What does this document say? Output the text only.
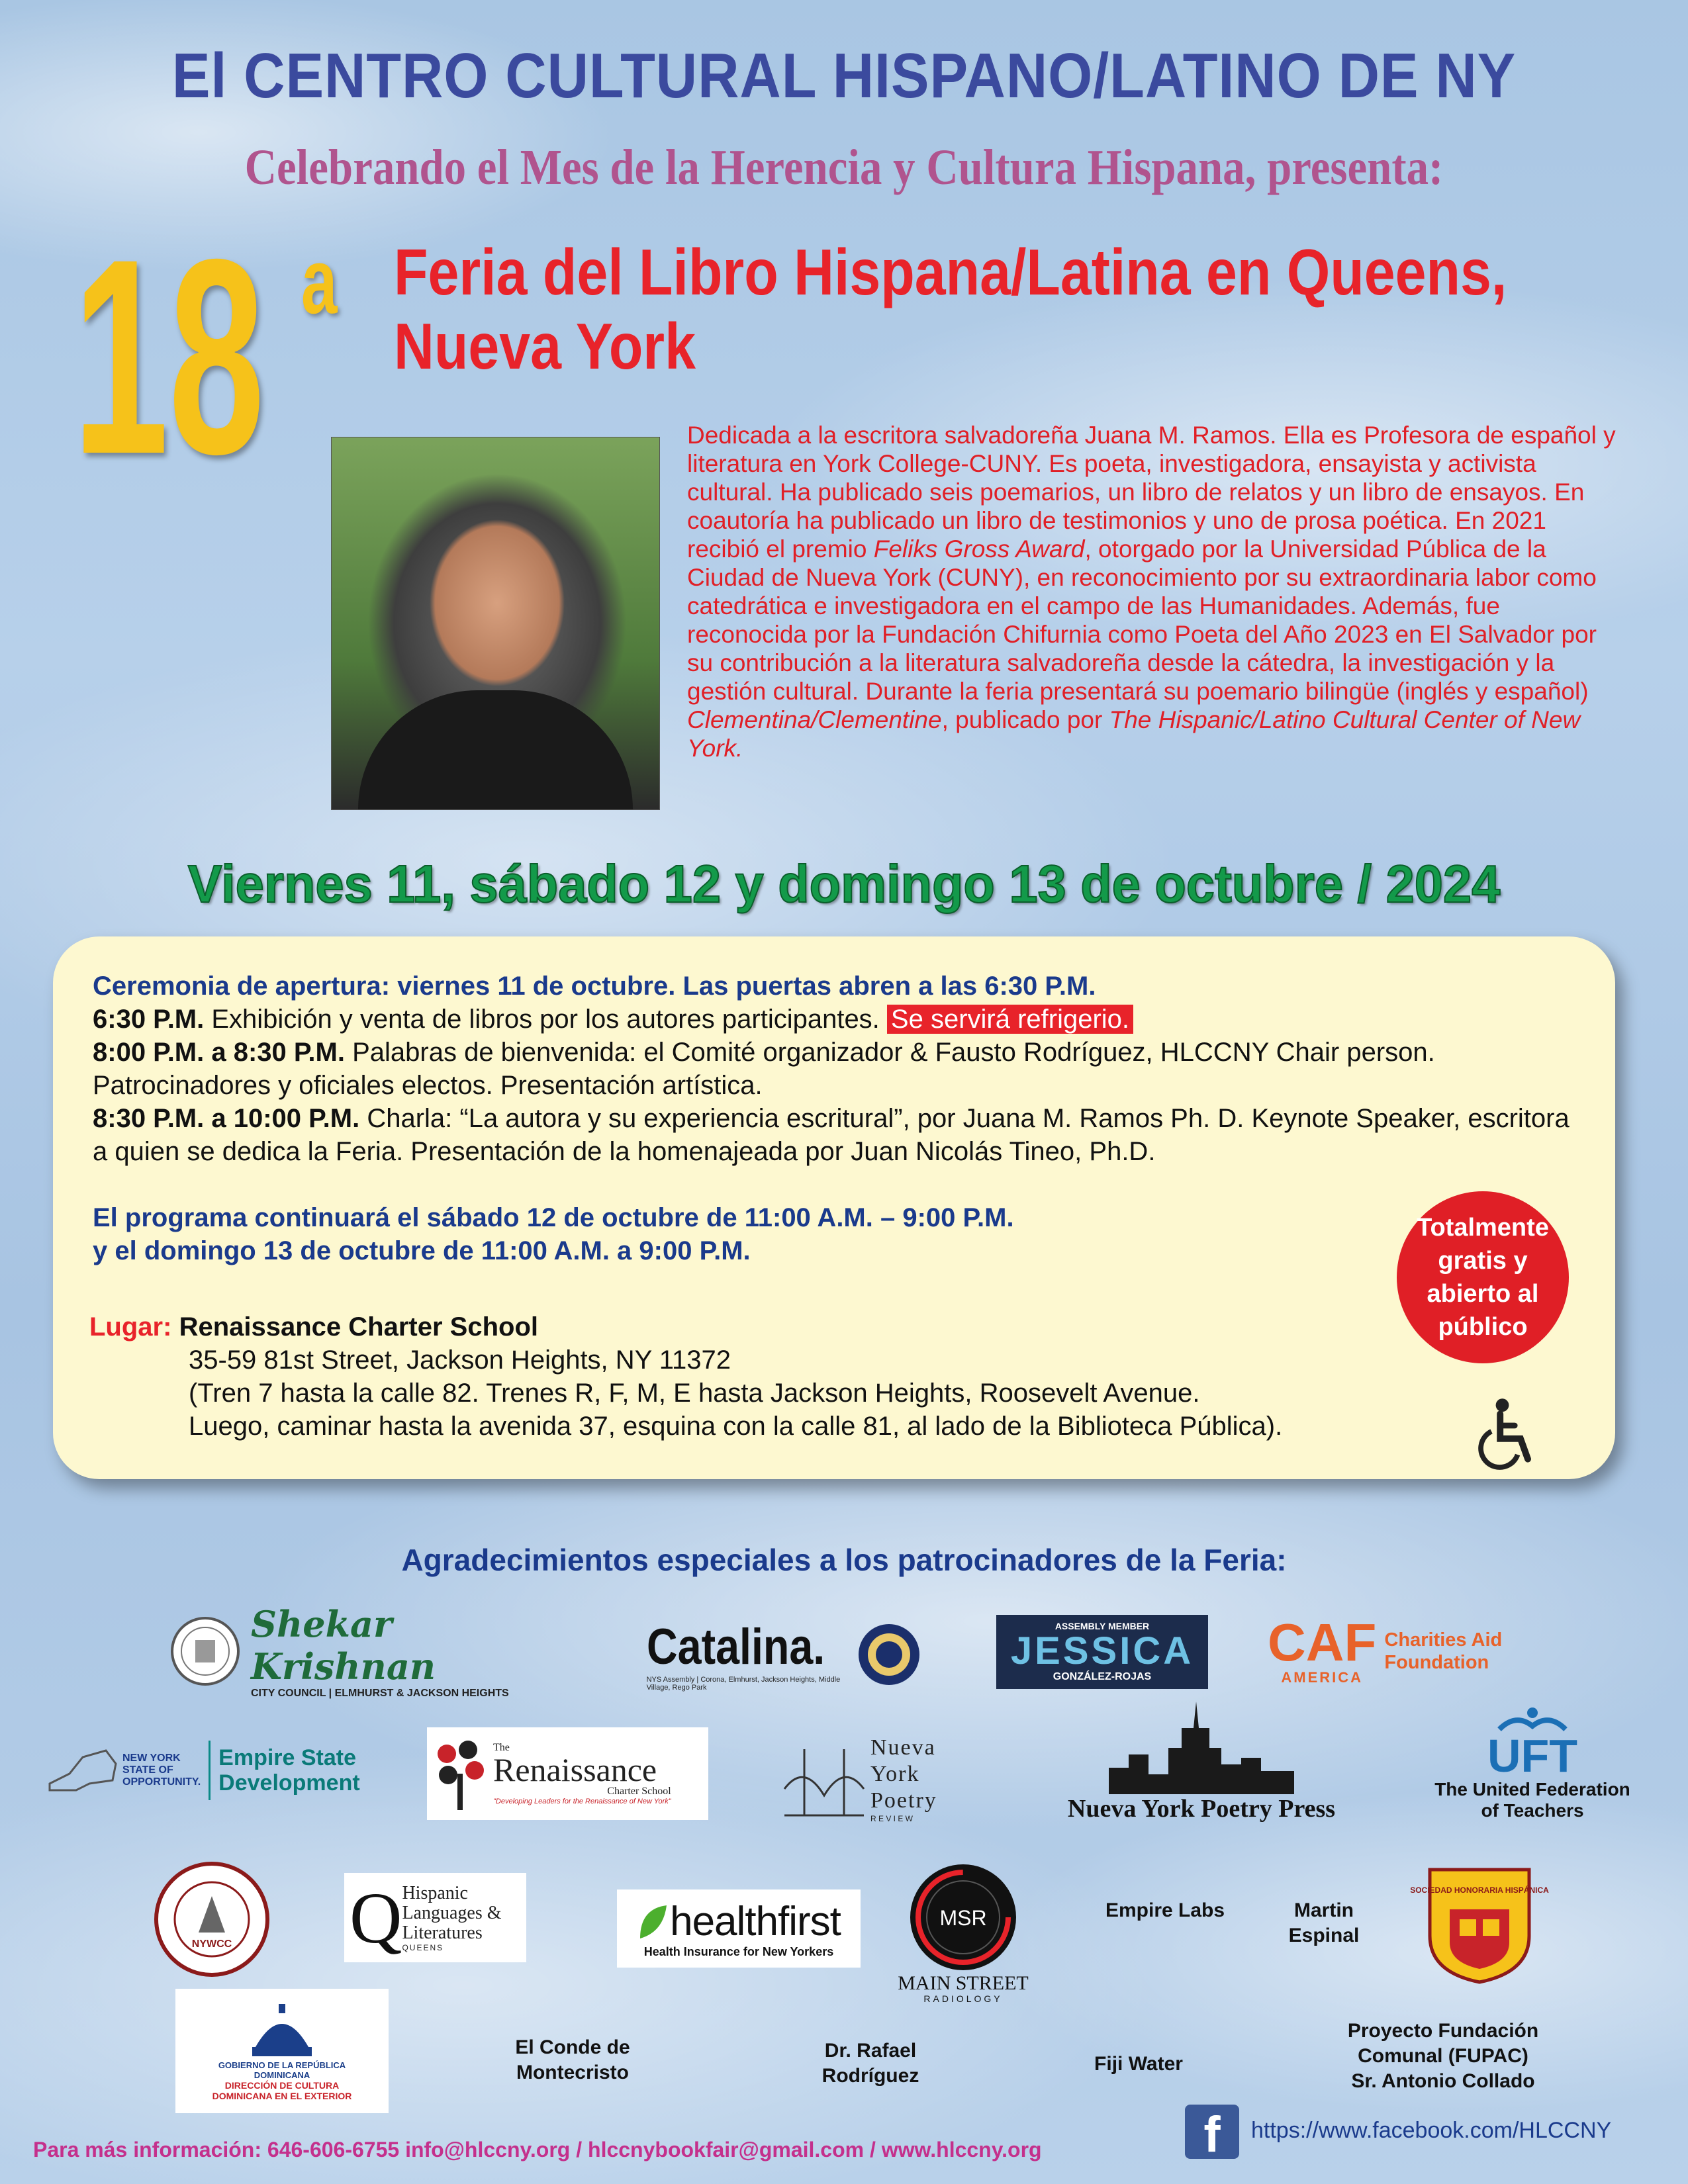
El CENTRO CULTURAL HISPANO/LATINO DE NY
Celebrando el Mes de la Herencia y Cultura Hispana, presenta:
18 a Feria del Libro Hispana/Latina en Queens,
Nueva York
Dedicada a la escritora salvadoreña Juana M. Ramos. Ella es Profesora de español y literatura en York College-CUNY. Es poeta, investigadora, ensayista y activista cultural. Ha publicado seis poemarios, un libro de relatos y un libro de ensayos. En coautoría ha publicado un libro de testimonios y uno de prosa poética. En 2021 recibió el premio Feliks Gross Award, otorgado por la Universidad Pública de la Ciudad de Nueva York (CUNY), en reconocimiento por su extraordinaria labor como catedrática e investigadora en el campo de las Humanidades. Además, fue reconocida por la Fundación Chifurnia como Poeta del Año 2023 en El Salvador por su contribución a la literatura salvadoreña desde la cátedra, la investigación y la gestión cultural. Durante la feria presentará su poemario bilingüe (inglés y español) Clementina/Clementine, publicado por The Hispanic/Latino Cultural Center of New York.
Viernes 11, sábado 12 y domingo 13 de octubre / 2024
Ceremonia de apertura: viernes 11 de octubre. Las puertas abren a las 6:30 P.M.
6:30 P.M. Exhibición y venta de libros por los autores participantes. Se servirá refrigerio.
8:00 P.M. a 8:30 P.M. Palabras de bienvenida: el Comité organizador & Fausto Rodríguez, HLCCNY Chair person. Patrocinadores y oficiales electos. Presentación artística.
8:30 P.M. a 10:00 P.M. Charla: “La autora y su experiencia escritural”, por Juana M. Ramos Ph. D. Keynote Speaker, escritora a quien se dedica la Feria. Presentación de la homenajeada por Juan Nicolás Tineo, Ph.D.
El programa continuará el sábado 12 de octubre de 11:00 A.M. – 9:00 P.M.
y el domingo 13 de octubre de 11:00 A.M. a 9:00 P.M.
Lugar: Renaissance Charter School
35-59 81st Street, Jackson Heights, NY 11372
(Tren 7 hasta la calle 82. Trenes R, F, M, E hasta Jackson Heights, Roosevelt Avenue.
Luego, caminar hasta la avenida 37, esquina con la calle 81, al lado de la Biblioteca Pública).
Totalmente gratis y abierto al público
Agradecimientos especiales a los patrocinadores de la Feria:
Shekar Krishnan
CITY COUNCIL | ELMHURST & JACKSON HEIGHTS
Catalina.
NYS Assembly | Corona, Elmhurst, Jackson Heights, Middle Village, Rego Park
ASSEMBLY MEMBER
JESSICA
GONZÁLEZ-ROJAS
CAF
AMERICA
Charities Aid Foundation
NEW YORK STATE OF OPPORTUNITY.
Empire State Development
The
Renaissance
Charter School
"Developing Leaders for the Renaissance of New York"
Nueva York Poetry
R E V I E W	Nueva York Poetry Press
UFT
The United Federation of Teachers
NYWCC Q Hispanic Languages & Literatures
QUEENS
healthfirst
Health Insurance for New Yorkers
MSR
MAIN STREET
RADIOLOGY
Empire Labs	Martin Espinal
SOCIEDAD HONORARIA HISPÁNICA
GOBIERNO DE LA REPÚBLICA DOMINICANA
DIRECCIÓN DE CULTURA DOMINICANA EN EL EXTERIOR
El Conde de Montecristo
Dr. Rafael Rodríguez
Fiji Water
Proyecto Fundación Comunal (FUPAC) Sr. Antonio Collado
Para más información: 646-606-6755 info@hlccny.org / hlccnybookfair@gmail.com / www.hlccny.org	f	https://www.facebook.com/HLCCNY
